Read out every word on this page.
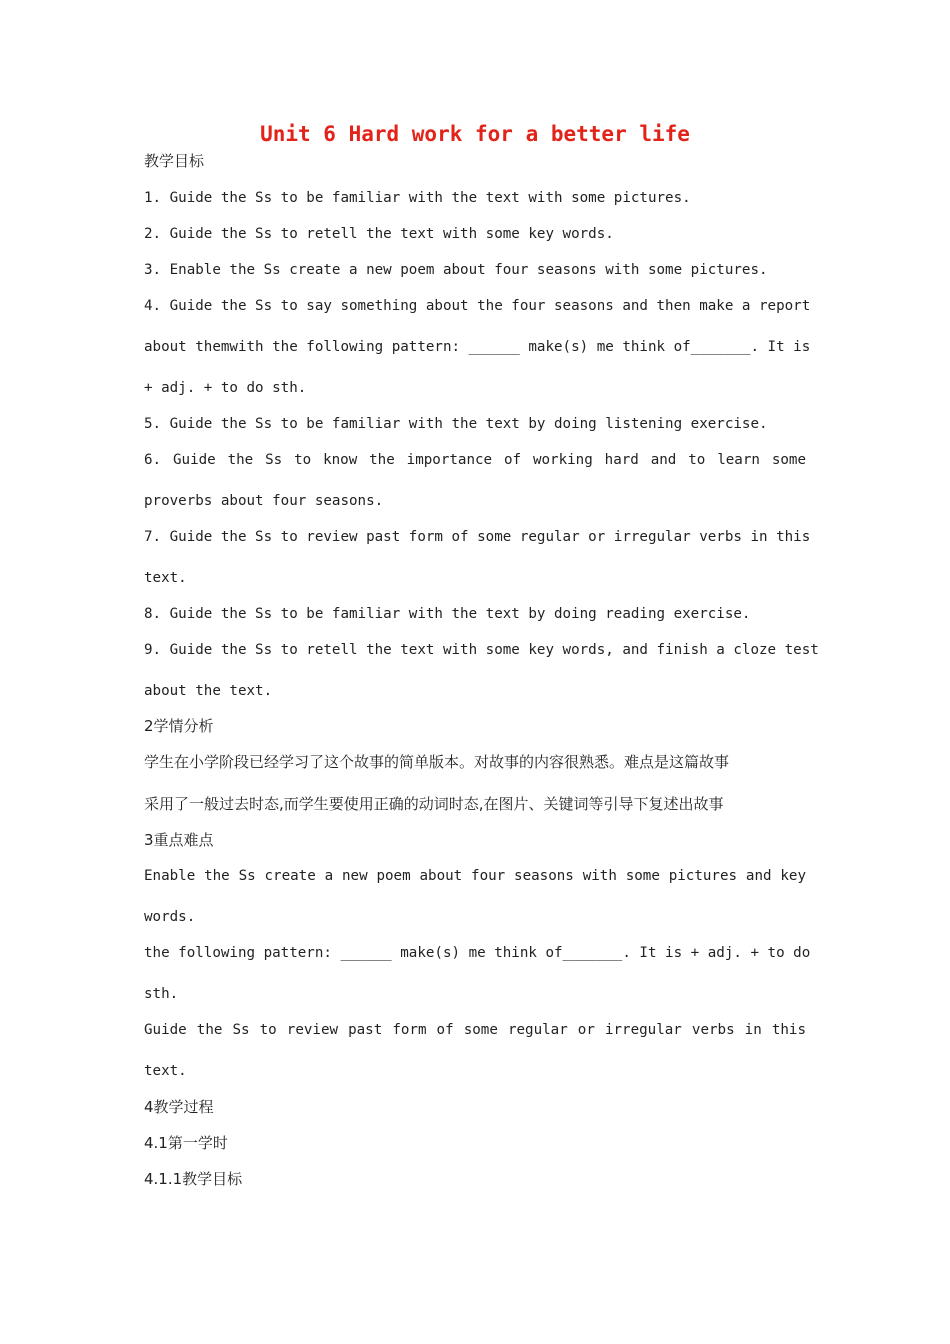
Unit 6 Hard work for a better life
教学目标
1. Guide the Ss to be familiar with the text with some pictures.
2. Guide the Ss to retell the text with some key words.
3. Enable the Ss create a new poem about four seasons with some pictures.
4. Guide the Ss to say something about the four seasons and then make a report
about themwith the following pattern: ______ make(s) me think of_______. It is
+ adj. + to do sth.
5. Guide the Ss to be familiar with the text by doing listening exercise.
6. Guide the Ss to know the importance of working hard and to learn some
proverbs about four seasons.
7. Guide the Ss to review past form of some regular or irregular verbs in this
text.
8. Guide the Ss to be familiar with the text by doing reading exercise.
9. Guide the Ss to retell the text with some key words, and finish a cloze test
about the text.
2学情分析
学生在小学阶段已经学习了这个故事的简单版本。对故事的内容很熟悉。难点是这篇故事
采用了一般过去时态,而学生要使用正确的动词时态,在图片、关键词等引导下复述出故事
3重点难点
Enable the Ss create a new poem about four seasons with some pictures and key
words.
the following pattern: ______ make(s) me think of_______. It is + adj. + to do
sth.
Guide the Ss to review past form of some regular or irregular verbs in this
text.
4教学过程
4.1第一学时
4.1.1教学目标
